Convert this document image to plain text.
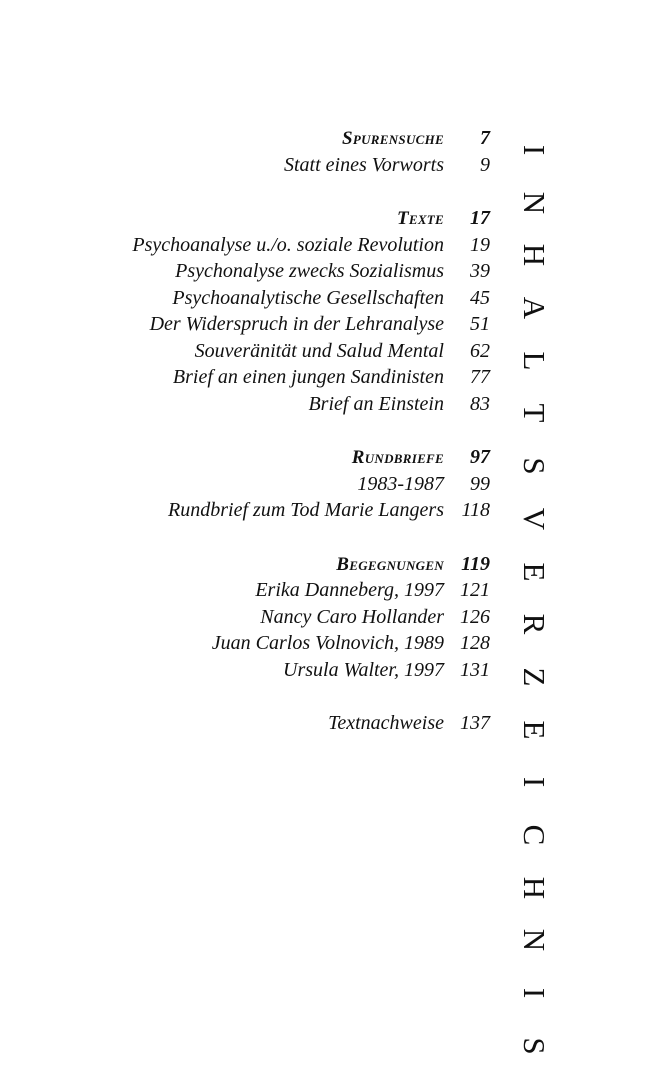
Spurensuche	7
Statt eines Vorworts	9
Texte	17
Psychoanalyse u./o. soziale Revolution	19
Psychonalyse zwecks Sozialismus	39
Psychoanalytische Gesellschaften	45
Der Widerspruch in der Lehranalyse	51
Souveränität und Salud Mental	62
Brief an einen jungen Sandinisten	77
Brief an Einstein	83
Rundbriefe	97
1983-1987	99
Rundbrief zum Tod Marie Langers 118
Begegnungen 119
Erika Danneberg, 1997 121
Nancy Caro Hollander 126
Juan Carlos Volnovich, 1989 128
Ursula Walter, 1997 131
Textnachweise 137
I
N
H
A
L
T
S
V
E
R
Z
E
I
C
H
N
I
S
